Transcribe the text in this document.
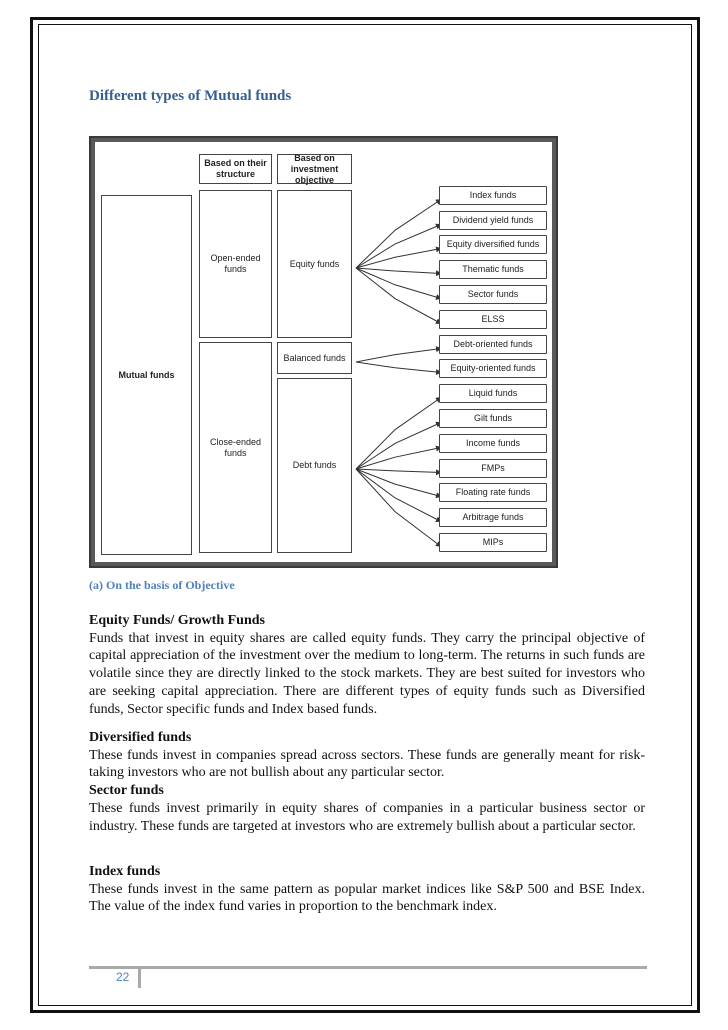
Different types of Mutual funds
Mutual funds
Based on their structure
Open-ended funds
Close-ended funds
Based on investment objective
Equity funds
Balanced funds
Debt funds
Index funds
Dividend yield funds
Equity diversified funds
Thematic funds
Sector funds
ELSS
Debt-oriented funds
Equity-oriented funds
Liquid funds
Gilt funds
Income funds
FMPs
Floating rate funds
Arbitrage funds
MIPs
(a) On the basis of Objective
Equity Funds/ Growth Funds
Funds that invest in equity shares are called equity funds. They carry the principal objective of capital appreciation of the investment over the medium to long-term. The returns in such funds are volatile since they are directly linked to the stock markets. They are best suited for investors who are seeking capital appreciation. There are different types of equity funds such as Diversified funds, Sector specific funds and Index based funds.
Diversified funds
These funds invest in companies spread across sectors. These funds are generally meant for risk-taking investors who are not bullish about any particular sector.
Sector funds
These funds invest primarily in equity shares of companies in a particular business sector or industry. These funds are targeted at investors who are extremely bullish about a particular sector.
Index funds
These funds invest in the same pattern as popular market indices like S&P 500 and BSE Index. The value of the index fund varies in proportion to the benchmark index.
22
